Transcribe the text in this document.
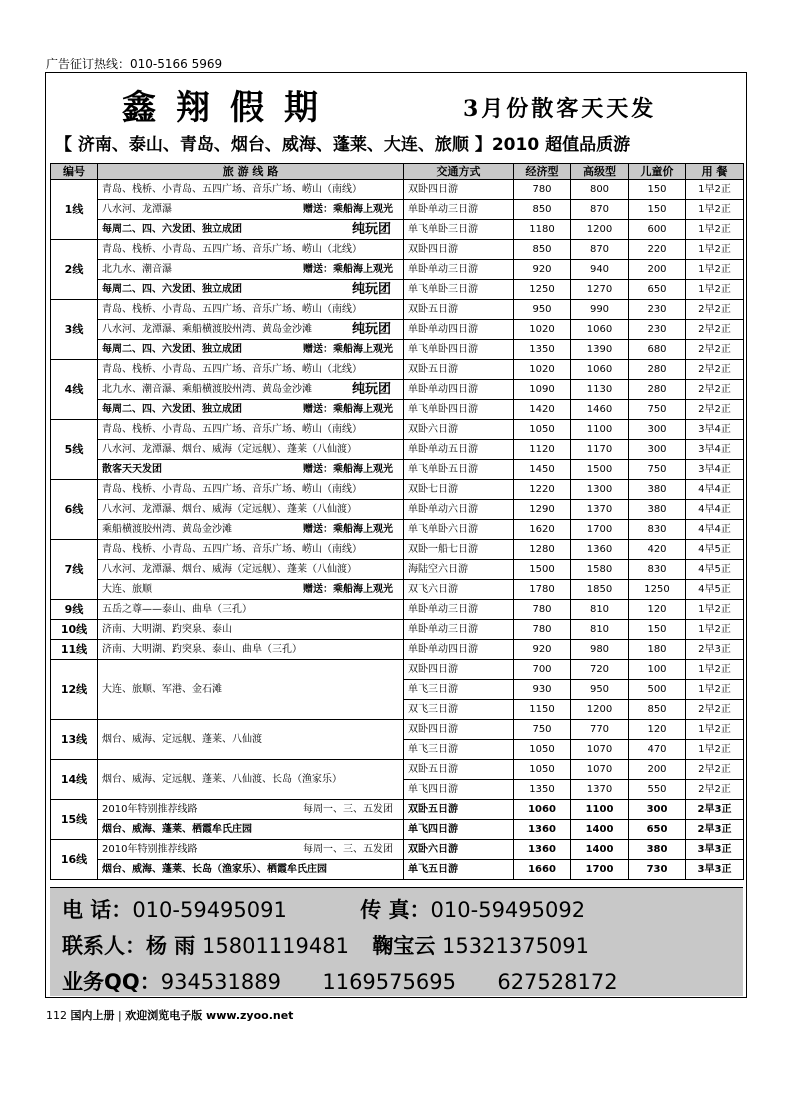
广告征订热线：010-5166 5969
鑫翔假期	3月份散客天天发
【 济南、泰山、青岛、烟台、威海、蓬莱、大连、旅顺 】2010 超值品质游
编号	旅 游 线 路	交通方式	经济型	高级型	儿童价	用 餐
1线	青岛、栈桥、小青岛、五四广场、音乐广场、崂山（南线）	双卧四日游	780	800	150	1早2正
	八水河、龙潭瀑 赠送：乘船海上观光	单卧单动三日游	850	870	150	1早2正
	每周二、四、六发团、独立成团 纯玩团	单飞单卧三日游	1180	1200	600	1早2正
2线	青岛、栈桥、小青岛、五四广场、音乐广场、崂山（北线）	双卧四日游	850	870	220	1早2正
	北九水、潮音瀑 赠送：乘船海上观光	单卧单动三日游	920	940	200	1早2正
	每周二、四、六发团、独立成团 纯玩团	单飞单卧三日游	1250	1270	650	1早2正
3线	青岛、栈桥、小青岛、五四广场、音乐广场、崂山（南线）	双卧五日游	950	990	230	2早2正
	八水河、龙潭瀑、乘船横渡胶州湾、黄岛金沙滩 纯玩团	单卧单动四日游	1020	1060	230	2早2正
	每周二、四、六发团、独立成团 赠送：乘船海上观光	单飞单卧四日游	1350	1390	680	2早2正
4线	青岛、栈桥、小青岛、五四广场、音乐广场、崂山（北线）	双卧五日游	1020	1060	280	2早2正
	北九水、潮音瀑、乘船横渡胶州湾、黄岛金沙滩 纯玩团	单卧单动四日游	1090	1130	280	2早2正
	每周二、四、六发团、独立成团 赠送：乘船海上观光	单飞单卧四日游	1420	1460	750	2早2正
5线	青岛、栈桥、小青岛、五四广场、音乐广场、崂山（南线）	双卧六日游	1050	1100	300	3早4正
	八水河、龙潭瀑、烟台、威海（定远舰）、蓬莱（八仙渡）	单卧单动五日游	1120	1170	300	3早4正
	散客天天发团 赠送：乘船海上观光	单飞单卧五日游	1450	1500	750	3早4正
6线	青岛、栈桥、小青岛、五四广场、音乐广场、崂山（南线）	双卧七日游	1220	1300	380	4早4正
	八水河、龙潭瀑、烟台、威海（定远舰）、蓬莱（八仙渡）	单卧单动六日游	1290	1370	380	4早4正
	乘船横渡胶州湾、黄岛金沙滩 赠送：乘船海上观光	单飞单卧六日游	1620	1700	830	4早4正
7线	青岛、栈桥、小青岛、五四广场、音乐广场、崂山（南线）	双卧一船七日游	1280	1360	420	4早5正
	八水河、龙潭瀑、烟台、威海（定远舰）、蓬莱（八仙渡）	海陆空六日游	1500	1580	830	4早5正
	大连、旅顺 赠送：乘船海上观光	双飞六日游	1780	1850	1250	4早5正
9线	五岳之尊——泰山、曲阜（三孔）	单卧单动三日游	780	810	120	1早2正
10线	济南、大明湖、趵突泉、泰山	单卧单动三日游	780	810	150	1早2正
11线	济南、大明湖、趵突泉、泰山、曲阜（三孔）	单卧单动四日游	920	980	180	2早3正
12线	大连、旅顺、军港、金石滩	双卧四日游	700	720	100	1早2正
		单飞三日游	930	950	500	1早2正
		双飞三日游	1150	1200	850	2早2正
13线	烟台、威海、定远舰、蓬莱、八仙渡	双卧四日游	750	770	120	1早2正
		单飞三日游	1050	1070	470	1早2正
14线	烟台、威海、定远舰、蓬莱、八仙渡、长岛（渔家乐）	双卧五日游	1050	1070	200	2早2正
		单飞四日游	1350	1370	550	2早2正
15线	2010年特别推荐线路 每周一、三、五发团	双卧五日游	1060	1100	300	2早3正
	烟台、威海、蓬莱、栖霞牟氏庄园	单飞四日游	1360	1400	650	2早3正
16线	2010年特别推荐线路 每周一、三、五发团	双卧六日游	1360	1400	380	3早3正
	烟台、威海、蓬莱、长岛（渔家乐）、栖霞牟氏庄园	单飞五日游	1660	1700	730	3早3正
电 话：010-59495091	传 真：010-59495092
联系人：杨 雨 15801119481 鞠宝云 15321375091
业务QQ：934531889 1169575695 627528172
112 国内上册 | 欢迎浏览电子版 www.zyoo.net
